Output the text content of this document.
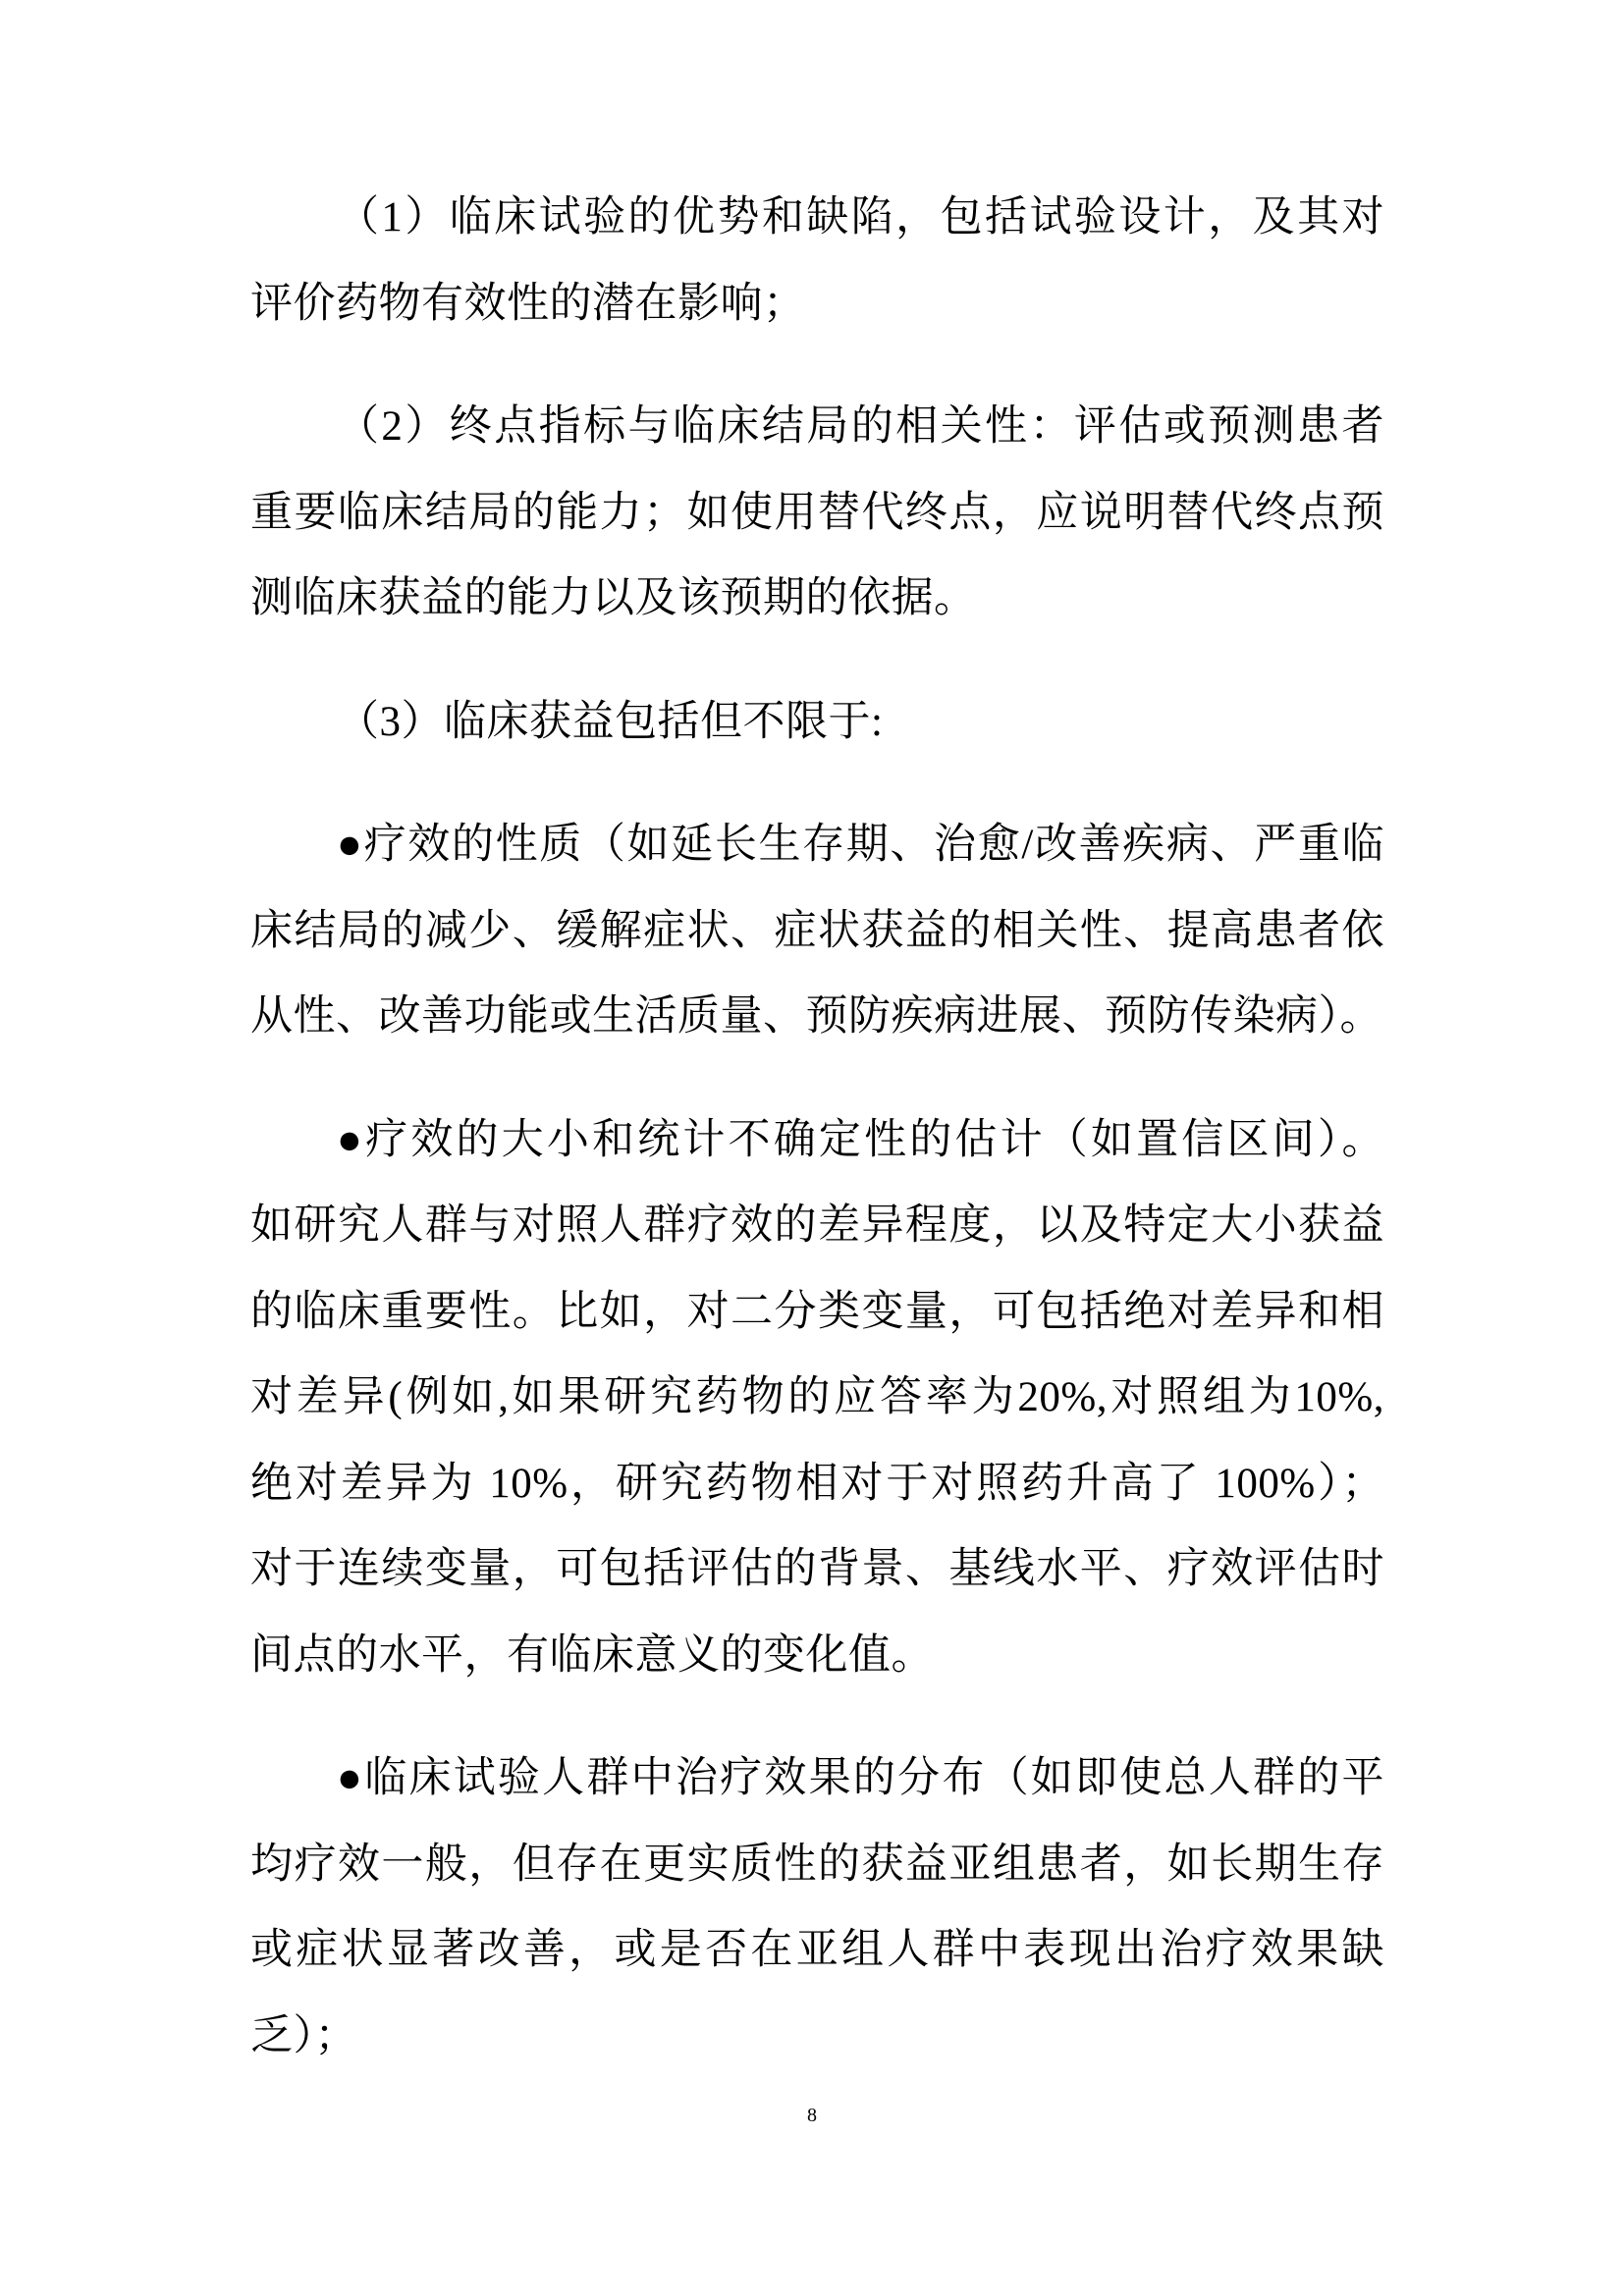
（1）临床试验的优势和缺陷，包括试验设计，及其对
评价药物有效性的潜在影响；

（2）终点指标与临床结局的相关性：评估或预测患者
重要临床结局的能力；如使用替代终点，应说明替代终点预
测临床获益的能力以及该预期的依据。

（3）临床获益包括但不限于:

●疗效的性质（如延长生存期、治愈/改善疾病、严重临
床结局的减少、缓解症状、症状获益的相关性、提高患者依
从性、改善功能或生活质量、预防疾病进展、预防传染病）。

●疗效的大小和统计不确定性的估计（如置信区间）。
如研究人群与对照人群疗效的差异程度，以及特定大小获益
的临床重要性。比如，对二分类变量，可包括绝对差异和相
对差异(例如,如果研究药物的应答率为20%,对照组为10%,
绝对差异为 10%，研究药物相对于对照药升高了 100%）；
对于连续变量，可包括评估的背景、基线水平、疗效评估时
间点的水平，有临床意义的变化值。

●临床试验人群中治疗效果的分布（如即使总人群的平
均疗效一般，但存在更实质性的获益亚组患者，如长期生存
或症状显著改善，或是否在亚组人群中表现出治疗效果缺
乏）；

8
